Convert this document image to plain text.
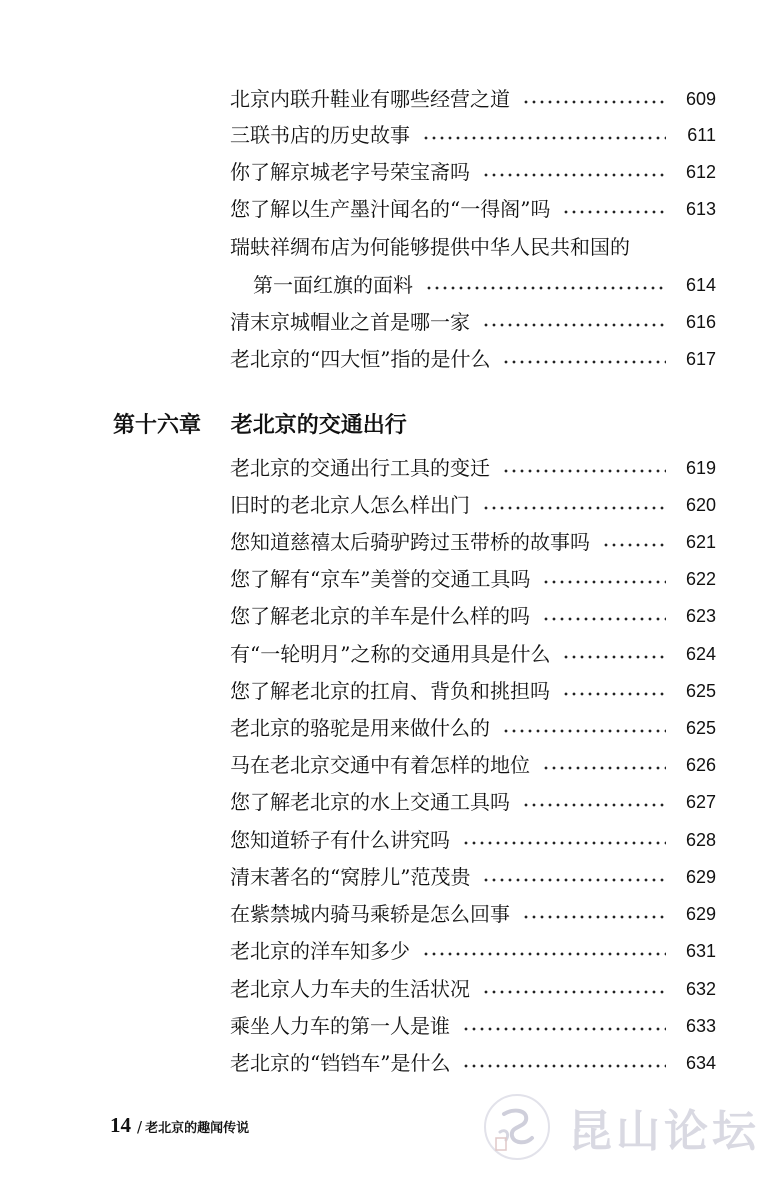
北京内联升鞋业有哪些经营之道	609
三联书店的历史故事	611
你了解京城老字号荣宝斋吗	612
您了解以生产墨汁闻名的“一得阁”吗	613
瑞蚨祥绸布店为何能够提供中华人民共和国的
第一面红旗的面料	614
清末京城帽业之首是哪一家	616
老北京的“四大恒”指的是什么	617
第十六章 老北京的交通出行
老北京的交通出行工具的变迁	619
旧时的老北京人怎么样出门	620
您知道慈禧太后骑驴跨过玉带桥的故事吗	621
您了解有“京车”美誉的交通工具吗	622
您了解老北京的羊车是什么样的吗	623
有“一轮明月”之称的交通用具是什么	624
您了解老北京的扛肩、背负和挑担吗	625
老北京的骆驼是用来做什么的	625
马在老北京交通中有着怎样的地位	626
您了解老北京的水上交通工具吗	627
您知道轿子有什么讲究吗	628
清末著名的“窝脖儿”范茂贵	629
在紫禁城内骑马乘轿是怎么回事	629
老北京的洋车知多少	631
老北京人力车夫的生活状况	632
乘坐人力车的第一人是谁	633
老北京的“铛铛车”是什么	634
14 / 老北京的趣闻传说	昆山论坛
